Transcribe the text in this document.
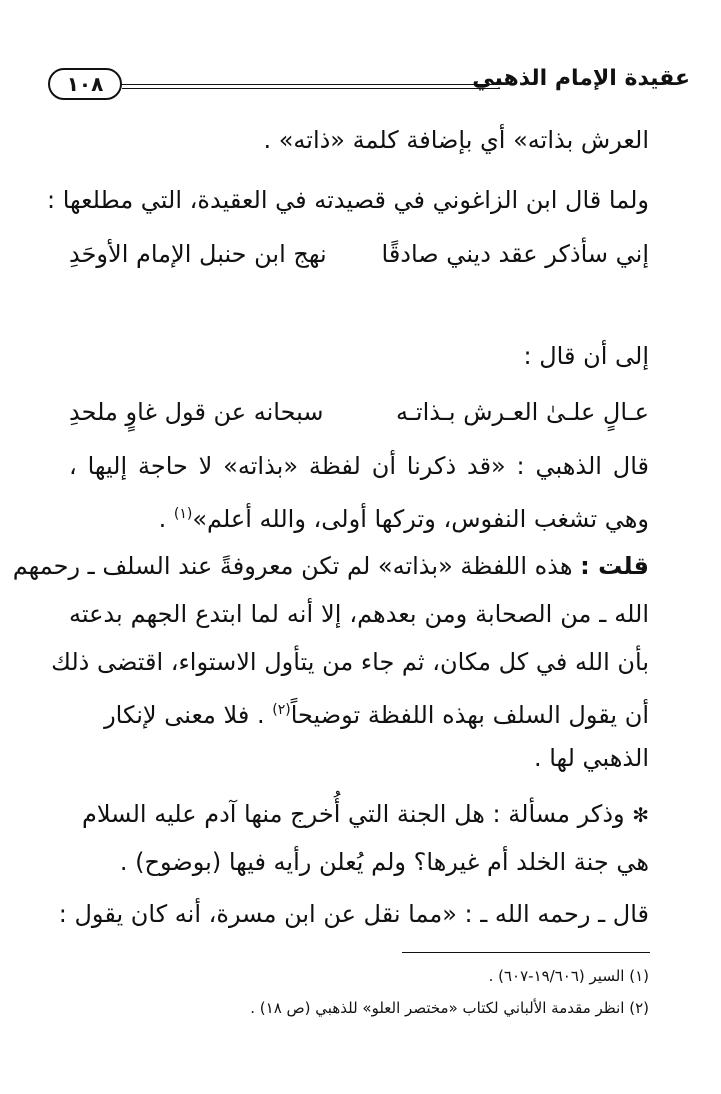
عقيدة الإمام الذهبي
١٠٨
العرش بذاته» أي بإضافة كلمة «ذاته» .
ولما قال ابن الزاغوني في قصيدته في العقيدة، التي مطلعها :
إني سأذكر عقد ديني صادقًا
نهج ابن حنبل الإمام الأوحَدِ
إلى أن قال :
عـالٍ علـىٰ العـرش بـذاتـه
سبحانه عن قول غاوٍ ملحدِ
قال الذهبي : «قد ذكرنا أن لفظة «بذاته» لا حاجة إليها ،
وهي تشغب النفوس، وتركها أولى، والله أعلم»$^{(١)}$ .
قلت : هذه اللفظة «بذاته» لم تكن معروفةً عند السلف ـ رحمهم
الله ـ من الصحابة ومن بعدهم، إلا أنه لما ابتدع الجهم بدعته
بأن الله في كل مكان، ثم جاء من يتأول الاستواء، اقتضى ذلك
أن يقول السلف بهذه اللفظة توضيحاً$^{(٢)}$ . فلا معنى لإنكار
الذهبي لها .
✻ وذكر مسألة : هل الجنة التي أُخرج منها آدم عليه السلام
هي جنة الخلد أم غيرها؟ ولم يُعلن رأيه فيها (بوضوح) .
قال ـ رحمه الله ـ : «مما نقل عن ابن مسرة، أنه كان يقول :
(١) السير (١٩/٦٠٦-٦٠٧) .
(٢) انظر مقدمة الألباني لكتاب «مختصر العلو» للذهبي (ص ١٨) .
